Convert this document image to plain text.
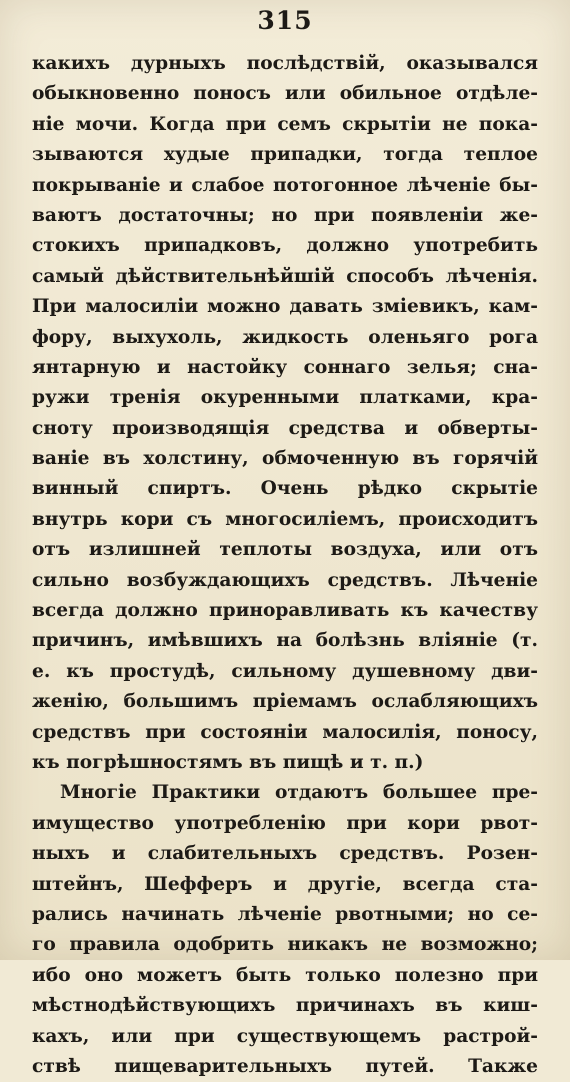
315
какихъ дурныхъ послѣдствій, оказывался
обыкновенно поносъ или обильное отдѣле-
ніе мочи. Когда при семъ скрытіи не пока-
зываются худые припадки, тогда теплое
покрываніе и слабое потогонное лѣченіе бы-
ваютъ достаточны; но при появленіи же-
стокихъ припадковъ, должно употребить
самый дѣйствительнѣйшій способъ лѣченія.
При малосиліи можно давать зміевикъ, кам-
фору, выхухоль, жидкость оленьяго рога
янтарную и настойку соннаго зелья; сна-
ружи тренія окуренными платками, кра-
сноту производящія средства и обверты-
ваніе въ холстину, обмоченную въ горячій
винный спиртъ. Очень рѣдко скрытіе
внутрь кори съ многосиліемъ, происходитъ
отъ излишней теплоты воздуха, или отъ
сильно возбуждающихъ средствъ. Лѣченіе
всегда должно приноравливать къ качеству
причинъ, имѣвшихъ на болѣзнь вліяніе (т.
е. къ простудѣ, сильному душевному дви-
женію, большимъ пріемамъ ослабляющихъ
средствъ при состояніи малосилія, поносу,
къ погрѣшностямъ въ пищѣ и т. п.)
Многіе Практики отдаютъ большее пре-
имущество употребленію при кори рвот-
ныхъ и слабительныхъ средствъ. Розен-
штейнъ, Шефферъ и другіе, всегда ста-
рались начинать лѣченіе рвотными; но се-
го правила одобрить никакъ не возможно;
ибо оно можетъ быть только полезно при
мѣстнодѣйствующихъ причинахъ въ киш-
кахъ, или при существующемъ растрой-
ствѣ пищеварительныхъ путей. Также
